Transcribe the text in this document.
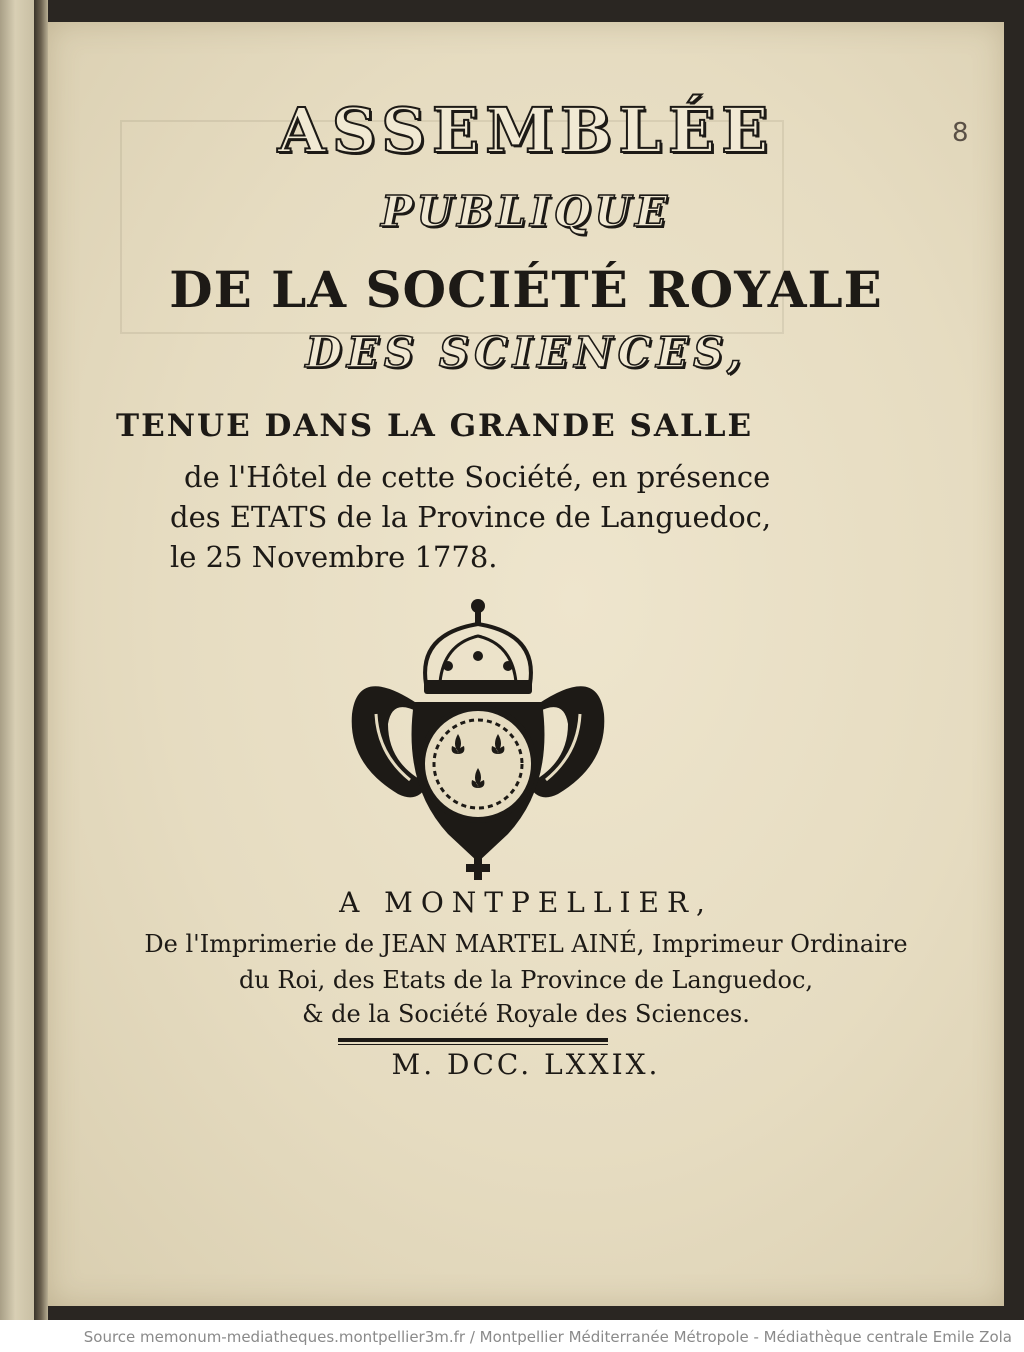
8
ASSEMBLÉE
PUBLIQUE
DE LA SOCIÉTÉ ROYALE
DES SCIENCES,
TENUE DANS LA GRANDE SALLE
de l'Hôtel de cette Société, en présence
des ETATS de la Province de Languedoc,
le 25 Novembre 1778.
A MONTPELLIER,
De l'Imprimerie de JEAN MARTEL AINÉ, Imprimeur Ordinaire
du Roi, des Etats de la Province de Languedoc,
& de la Société Royale des Sciences.
M. DCC. LXXIX.
Source memonum-mediatheques.montpellier3m.fr / Montpellier Méditerranée Métropole - Médiathèque centrale Emile Zola
